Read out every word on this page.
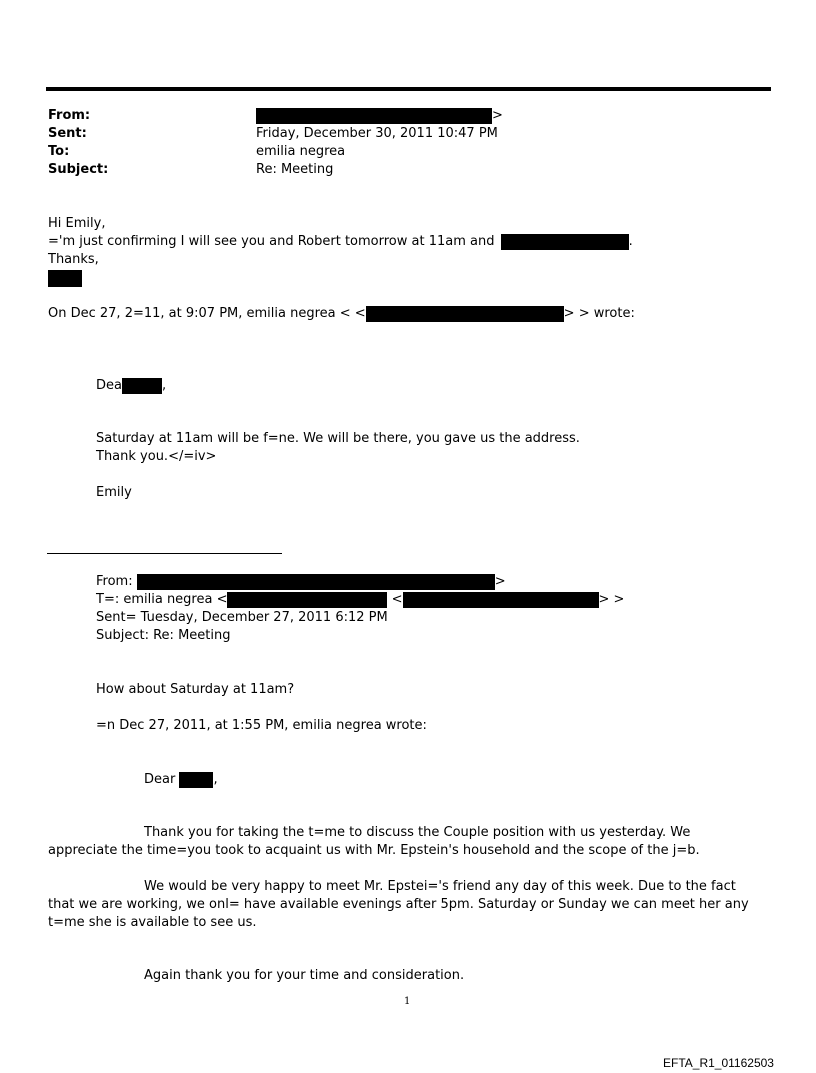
From:	>
Sent:	Friday, December 30, 2011 10:47 PM
To:	emilia negrea
Subject:	Re: Meeting
Hi Emily,
='m just confirming I will see you and Robert tomorrow at 11am and	.
Thanks,
On Dec 27, 2=11, at 9:07 PM, emilia negrea < <	> > wrote:
Dea	,
Saturday at 11am will be f=ne. We will be there, you gave us the address.
Thank you.</=iv>
Emily
From:	>
T=: emilia negrea <	<	> >
Sent= Tuesday, December 27, 2011 6:12 PM
Subject: Re: Meeting
How about Saturday at 11am?
=n Dec 27, 2011, at 1:55 PM, emilia negrea wrote:
Dear	,
Thank you for taking the t=me to discuss the Couple position with us yesterday. We appreciate the time=you took to acquaint us with Mr. Epstein's household and the scope of the j=b.
We would be very happy to meet Mr. Epstei='s friend any day of this week. Due to the fact that we are working, we onl= have available evenings after 5pm. Saturday or Sunday we can meet her any t=me she is available to see us.
Again thank you for your time and consideration.
1
EFTA_R1_01162503
